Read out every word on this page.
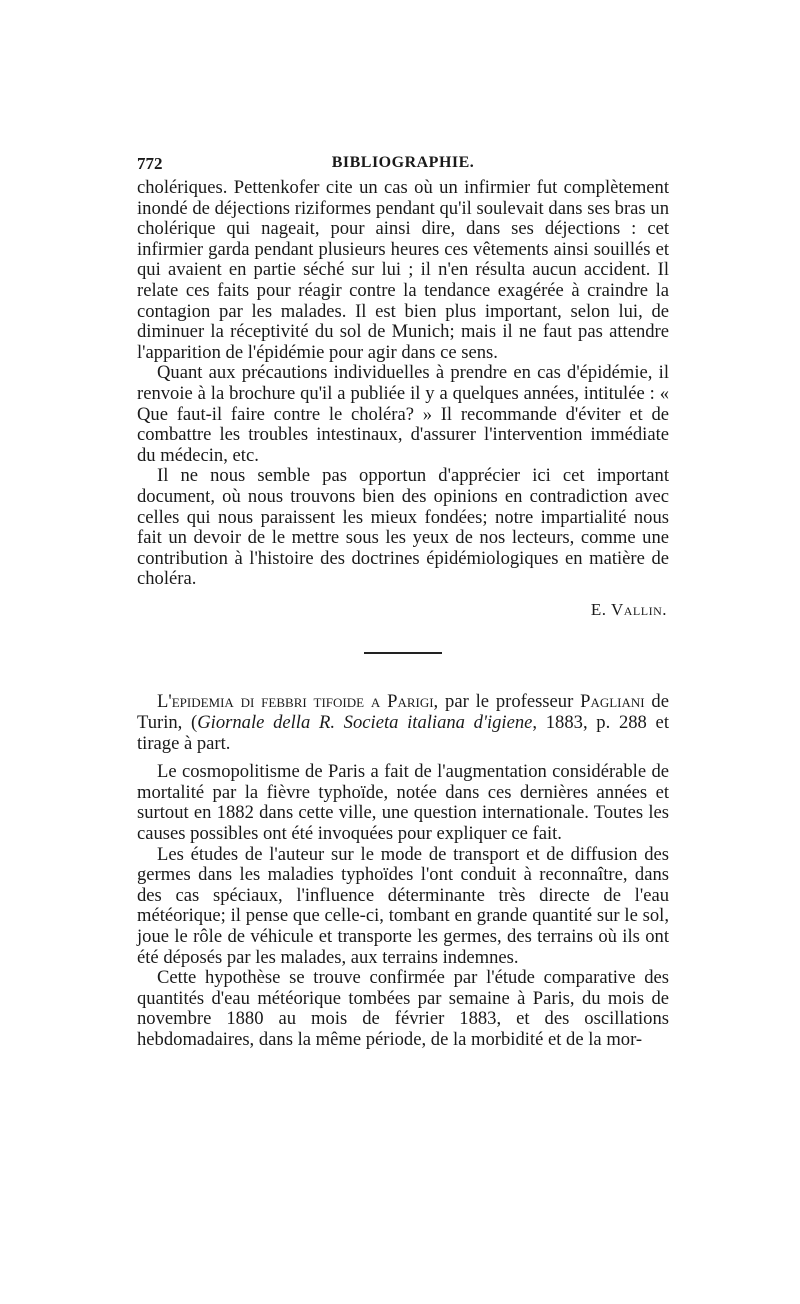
772	BIBLIOGRAPHIE.

cholériques. Pettenkofer cite un cas où un infirmier fut complètement inondé de déjections riziformes pendant qu'il soulevait dans ses bras un cholérique qui nageait, pour ainsi dire, dans ses déjections : cet infirmier garda pendant plusieurs heures ces vêtements ainsi souillés et qui avaient en partie séché sur lui ; il n'en résulta aucun accident. Il relate ces faits pour réagir contre la tendance exagérée à craindre la contagion par les malades. Il est bien plus important, selon lui, de diminuer la réceptivité du sol de Munich; mais il ne faut pas attendre l'apparition de l'épidémie pour agir dans ce sens.

Quant aux précautions individuelles à prendre en cas d'épidémie, il renvoie à la brochure qu'il a publiée il y a quelques années, intitulée : « Que faut-il faire contre le choléra? » Il recommande d'éviter et de combattre les troubles intestinaux, d'assurer l'intervention immédiate du médecin, etc.

Il ne nous semble pas opportun d'apprécier ici cet important document, où nous trouvons bien des opinions en contradiction avec celles qui nous paraissent les mieux fondées; notre impartialité nous fait un devoir de le mettre sous les yeux de nos lecteurs, comme une contribution à l'histoire des doctrines épidémiologiques en matière de choléra.

E. Vallin.

L'epidemia di febbri tifoide a Parigi, par le professeur Pagliani de Turin, (Giornale della R. Societa italiana d'igiene, 1883, p. 288 et tirage à part.

Le cosmopolitisme de Paris a fait de l'augmentation considérable de mortalité par la fièvre typhoïde, notée dans ces dernières années et surtout en 1882 dans cette ville, une question internationale. Toutes les causes possibles ont été invoquées pour expliquer ce fait.

Les études de l'auteur sur le mode de transport et de diffusion des germes dans les maladies typhoïdes l'ont conduit à reconnaître, dans des cas spéciaux, l'influence déterminante très directe de l'eau météorique; il pense que celle-ci, tombant en grande quantité sur le sol, joue le rôle de véhicule et transporte les germes, des terrains où ils ont été déposés par les malades, aux terrains indemnes.

Cette hypothèse se trouve confirmée par l'étude comparative des quantités d'eau météorique tombées par semaine à Paris, du mois de novembre 1880 au mois de février 1883, et des oscillations hebdomadaires, dans la même période, de la morbidité et de la mor-
